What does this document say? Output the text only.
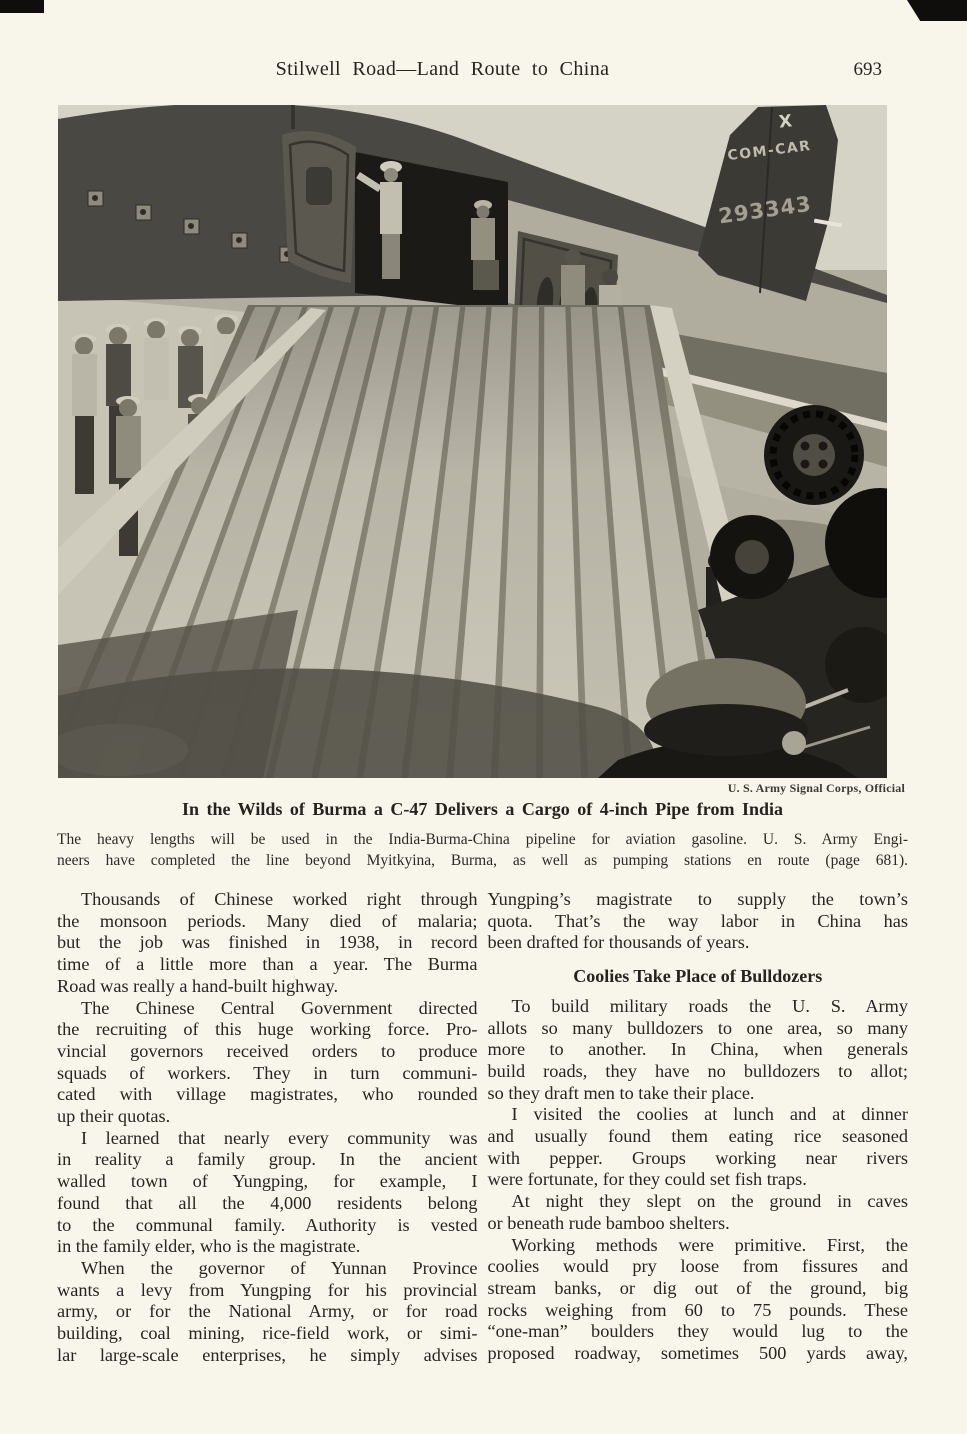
Stilwell Road—Land Route to China	693
X
COM-CAR
293343
U. S. Army Signal Corps, Official
In the Wilds of Burma a C-47 Delivers a Cargo of 4-inch Pipe from India
The heavy lengths will be used in the India-Burma-China pipeline for aviation gasoline. U. S. Army Engi-
neers have completed the line beyond Myitkyina, Burma, as well as pumping stations en route (page 681).
Thousands of Chinese worked right through
the monsoon periods. Many died of malaria;
but the job was finished in 1938, in record
time of a little more than a year. The Burma
Road was really a hand-built highway.
The Chinese Central Government directed
the recruiting of this huge working force. Pro-
vincial governors received orders to produce
squads of workers. They in turn communi-
cated with village magistrates, who rounded
up their quotas.
I learned that nearly every community was
in reality a family group. In the ancient
walled town of Yungping, for example, I
found that all the 4,000 residents belong
to the communal family. Authority is vested
in the family elder, who is the magistrate.
When the governor of Yunnan Province
wants a levy from Yungping for his provincial
army, or for the National Army, or for road
building, coal mining, rice-field work, or simi-
lar large-scale enterprises, he simply advises
Yungping’s magistrate to supply the town’s
quota. That’s the way labor in China has
been drafted for thousands of years.
Coolies Take Place of Bulldozers
To build military roads the U. S. Army
allots so many bulldozers to one area, so many
more to another. In China, when generals
build roads, they have no bulldozers to allot;
so they draft men to take their place.
I visited the coolies at lunch and at dinner
and usually found them eating rice seasoned
with pepper. Groups working near rivers
were fortunate, for they could set fish traps.
At night they slept on the ground in caves
or beneath rude bamboo shelters.
Working methods were primitive. First, the
coolies would pry loose from fissures and
stream banks, or dig out of the ground, big
rocks weighing from 60 to 75 pounds. These
“one-man” boulders they would lug to the
proposed roadway, sometimes 500 yards away,
